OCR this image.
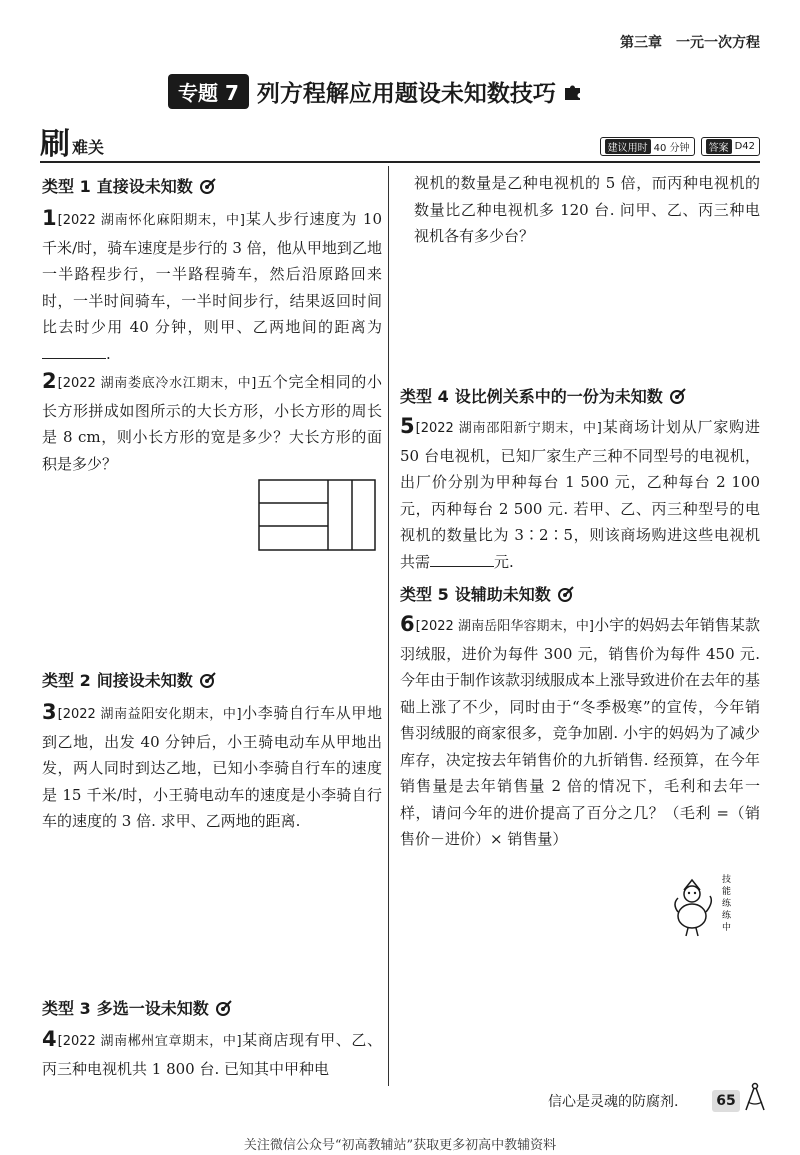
第三章　一元一次方程
专题 7 列方程解应用题设未知数技巧
刷 难关	建议用时 40 分钟	答案 D42
类型 1 直接设未知数
1 [2022 湖南怀化麻阳期末，中]某人步行速度为 10 千米/时，骑车速度是步行的 3 倍，他从甲地到乙地一半路程步行，一半路程骑车，然后沿原路回来时，一半时间骑车，一半时间步行，结果返回时间比去时少用 40 分钟，则甲、乙两地间的距离为.
2 [2022 湖南娄底冷水江期末，中]五个完全相同的小长方形拼成如图所示的大长方形，小长方形的周长是 8 cm，则小长方形的宽是多少？大长方形的面积是多少？
类型 2 间接设未知数
3 [2022 湖南益阳安化期末，中]小李骑自行车从甲地到乙地，出发 40 分钟后，小王骑电动车从甲地出发，两人同时到达乙地，已知小李骑自行车的速度是 15 千米/时，小王骑电动车的速度是小李骑自行车的速度的 3 倍. 求甲、乙两地的距离.
类型 3 多选一设未知数
4 [2022 湖南郴州宜章期末，中]某商店现有甲、乙、丙三种电视机共 1 800 台. 已知其中甲种电
视机的数量是乙种电视机的 5 倍，而丙种电视机的数量比乙种电视机多 120 台. 问甲、乙、丙三种电视机各有多少台？
类型 4 设比例关系中的一份为未知数
5 [2022 湖南邵阳新宁期末，中]某商场计划从厂家购进 50 台电视机，已知厂家生产三种不同型号的电视机，出厂价分别为甲种每台 1 500 元，乙种每台 2 100 元，丙种每台 2 500 元. 若甲、乙、丙三种型号的电视机的数量比为 3∶2∶5，则该商场购进这些电视机共需	元.
类型 5 设辅助未知数
6 [2022 湖南岳阳华容期末，中]小宇的妈妈去年销售某款羽绒服，进价为每件 300 元，销售价为每件 450 元. 今年由于制作该款羽绒服成本上涨导致进价在去年的基础上涨了不少，同时由于“冬季极寒”的宣传，今年销售羽绒服的商家很多，竞争加剧. 小宇的妈妈为了减少库存，决定按去年销售价的九折销售. 经预算，在今年销售量是去年销售量 2 倍的情况下，毛利和去年一样，请问今年的进价提高了百分之几？（毛利 =（销售价－进价）× 销售量）
技
能
练
练
中
信心是灵魂的防腐剂.	65
关注微信公众号“初高教辅站”获取更多初高中教辅资料
